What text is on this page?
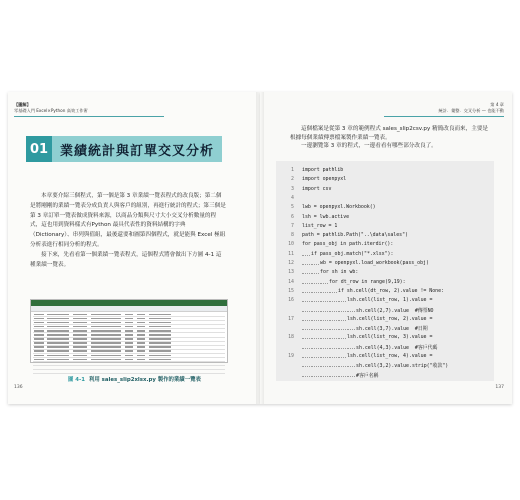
【圖解】
零基礎入門 Excel×Python 高效工作術
01 業績統計與訂單交叉分析

本章要介紹三個程式，第一個是第 3 章業績一覽表程式的改良版；第二個是將剛剛的業績一覽表分成負責人與客戶的組別，再進行統計的程式；第三個是第 3 章訂單一覽表做成資料來源，以商品分類與尺寸大小交叉分析數量的程式，這也用到資料樣式有Python 最具代表性的資料結構的字典（Dictionary）、串列與值組，最後還要和圖第四個程式，就是能與 Excel 極組分析表進行相同分析的程式。

接下來，先看看第一個業績一覽表程式，這個程式將會做出下方圖 4-1 這種業績一覽表。

圖 4-1 利用 sales_slip2xlsx.py 製作的業績一覽表
136
第 4 章
統計．彙整．交叉分析 — 也能不動

這個檔案是從第 3 章的範例程式 sales_slip2csv.py 精簡改良而來，主要是根據每個業績傳票檔案製作業績一覽表。

一邊瀏覽第 3 章的程式，一邊看看有哪些部分改良了。

1 import pathlib
2 import openpyxl
3 import csv
4
5 lwb = openpyxl.Workbook()
6 lsh = lwb.active
7 list_row = 1
8 path = pathlib.Path("..\data\sales")
10 for pass_obj in path.iterdir():
11	if pass_obj.match("*.xlsx"):
12	wb = openpyxl.load_workbook(pass_obj)
13	for sh in wb:
14	for dt_row in range(9,19):
15	if sh.cell(dt_row, 2).value != None:
16	lsh.cell(list_row, 1).value =
sh.cell(2,7).value  #傳票NO
17	lsh.cell(list_row, 2).value =
sh.cell(3,7).value  #日期
18	lsh.cell(list_row, 3).value =
sh.cell(4,3).value  #客戶代碼
19	lsh.cell(list_row, 4).value =
sh.cell(3,2).value.strip("收款")
#客戶名稱
137
